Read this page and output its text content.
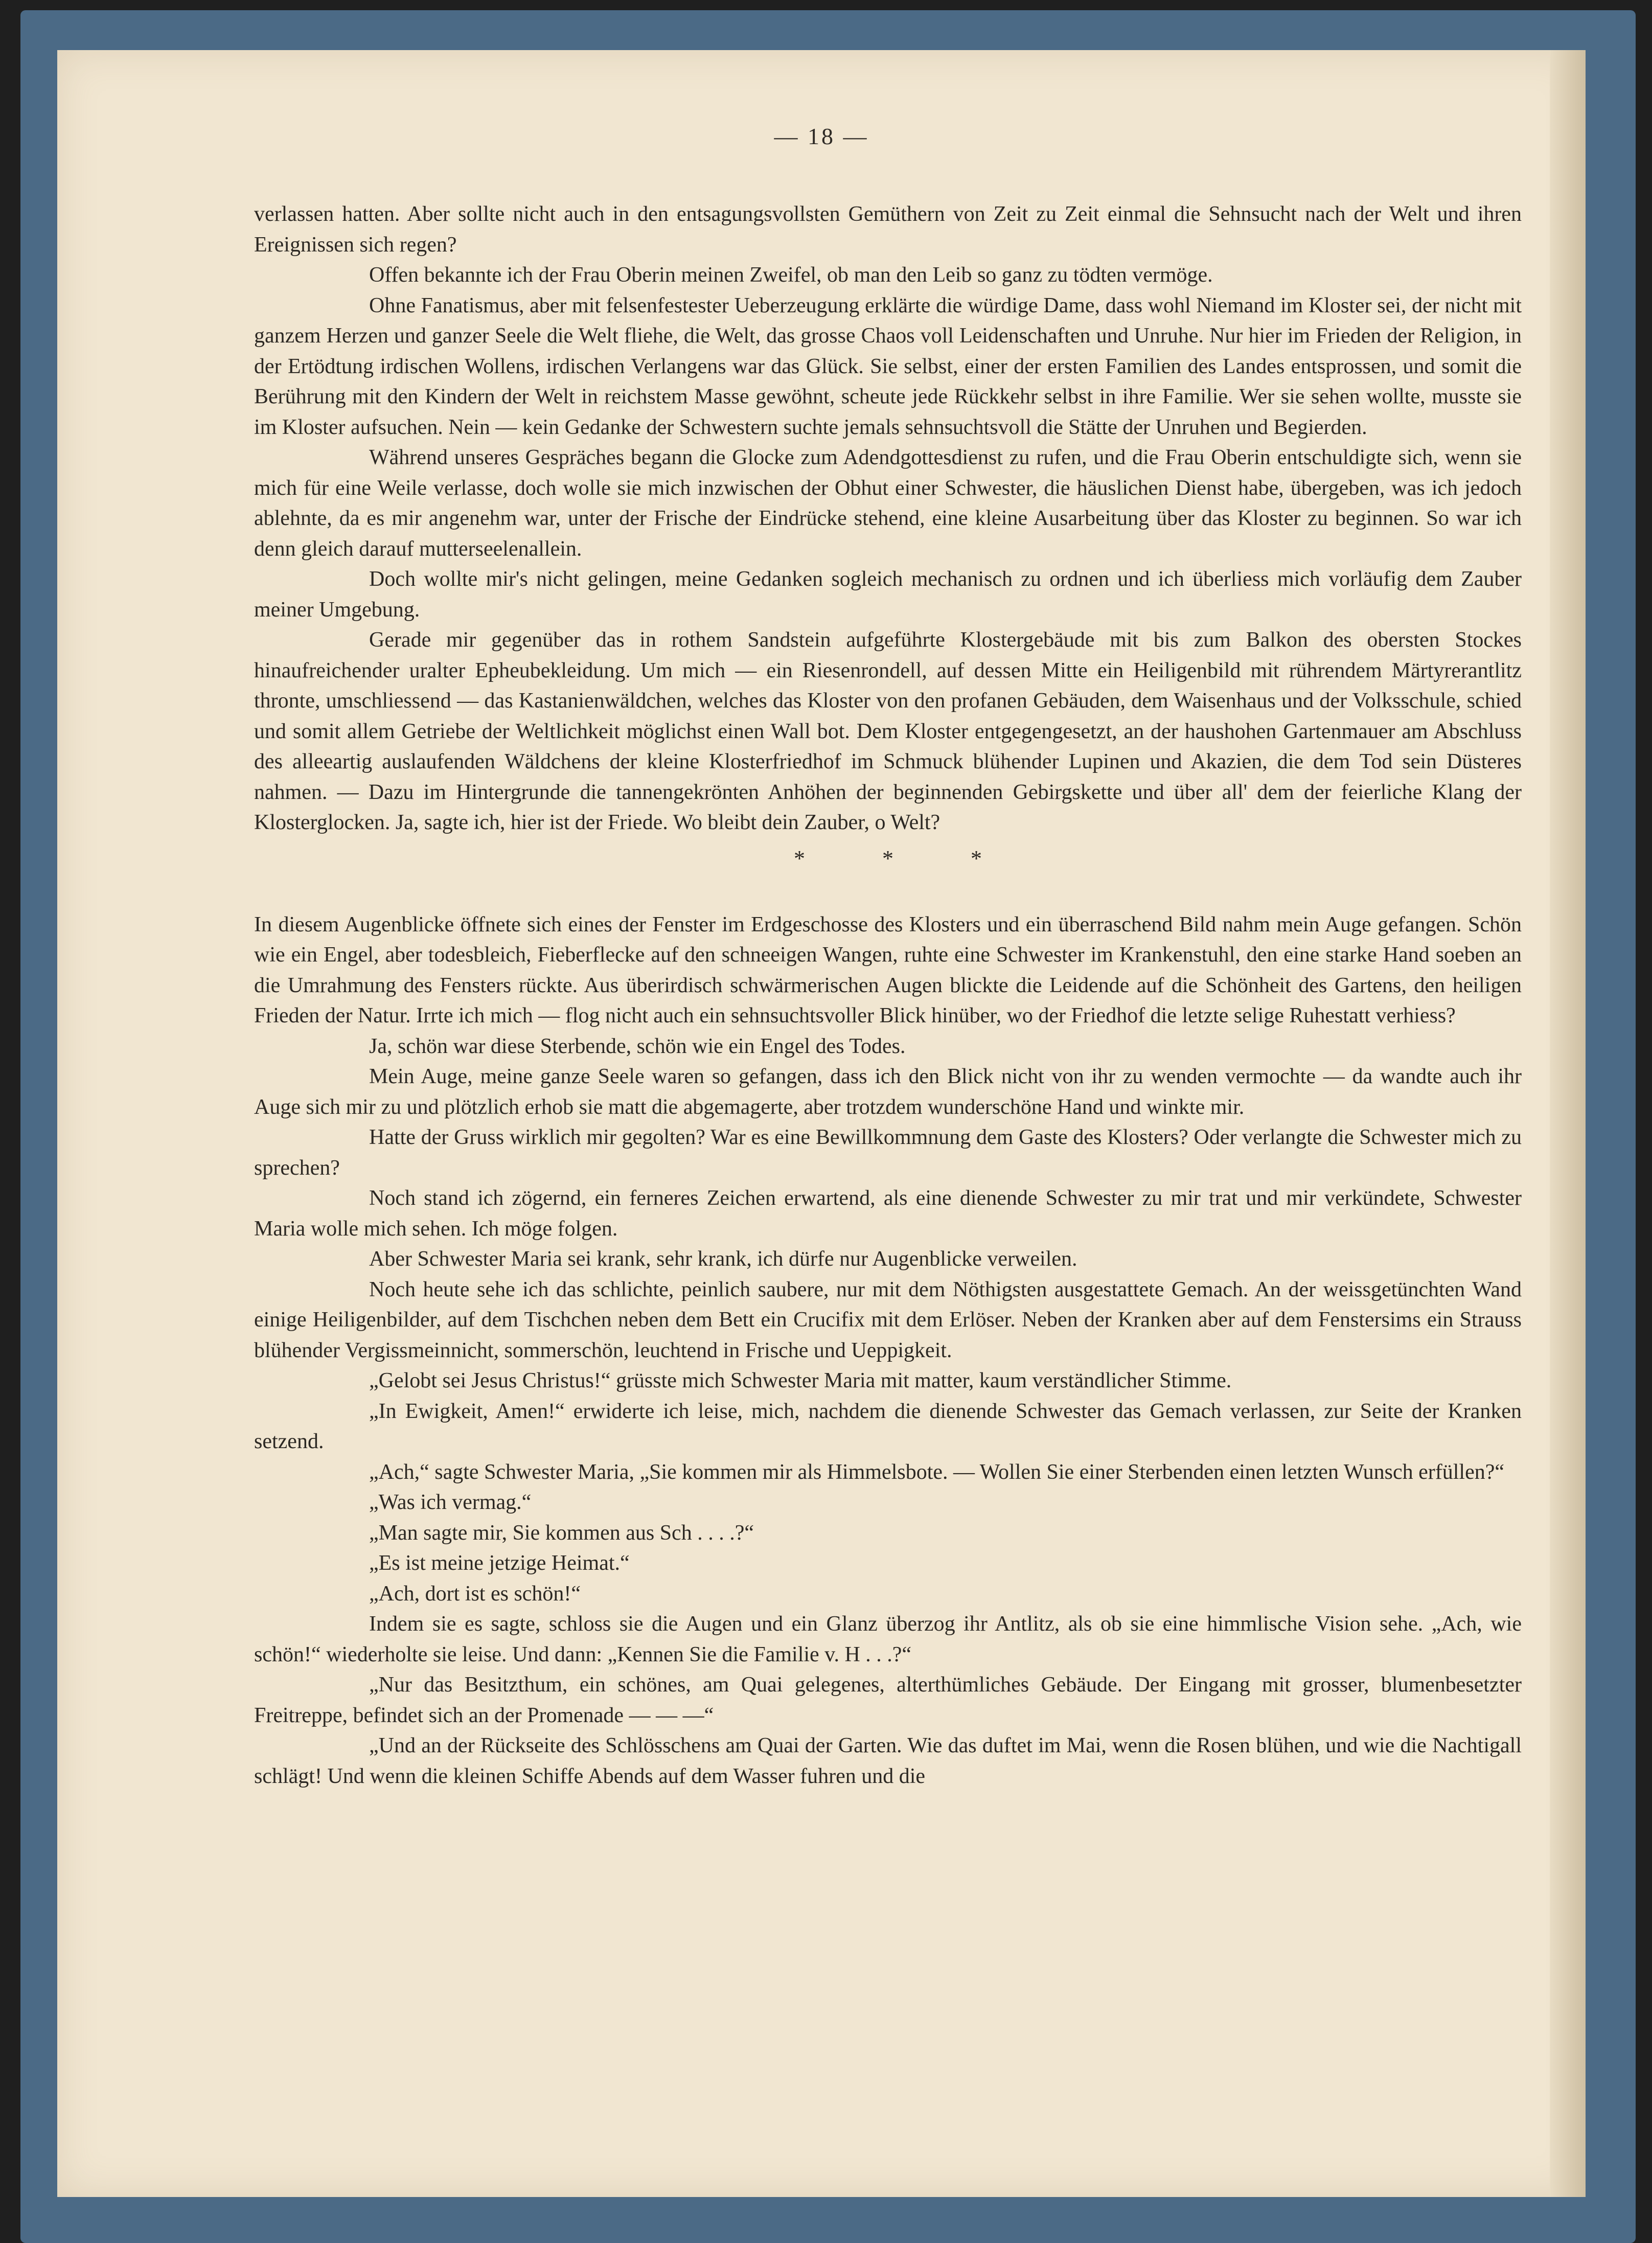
— 18 —

verlassen hatten. Aber sollte nicht auch in den entsagungsvollsten Gemüthern von Zeit zu Zeit einmal die Sehnsucht nach der Welt und ihren Ereignissen sich regen?

Offen bekannte ich der Frau Oberin meinen Zweifel, ob man den Leib so ganz zu tödten vermöge.

Ohne Fanatismus, aber mit felsenfestester Ueberzeugung erklärte die würdige Dame, dass wohl Niemand im Kloster sei, der nicht mit ganzem Herzen und ganzer Seele die Welt fliehe, die Welt, das grosse Chaos voll Leidenschaften und Unruhe. Nur hier im Frieden der Religion, in der Ertödtung irdischen Wollens, irdischen Verlangens war das Glück. Sie selbst, einer der ersten Familien des Landes entsprossen, und somit die Berührung mit den Kindern der Welt in reichstem Masse gewöhnt, scheute jede Rückkehr selbst in ihre Familie. Wer sie sehen wollte, musste sie im Kloster aufsuchen. Nein — kein Gedanke der Schwestern suchte jemals sehnsuchtsvoll die Stätte der Unruhen und Begierden.

Während unseres Gespräches begann die Glocke zum Adendgottesdienst zu rufen, und die Frau Oberin entschuldigte sich, wenn sie mich für eine Weile verlasse, doch wolle sie mich inzwischen der Obhut einer Schwester, die häuslichen Dienst habe, übergeben, was ich jedoch ablehnte, da es mir angenehm war, unter der Frische der Eindrücke stehend, eine kleine Ausarbeitung über das Kloster zu beginnen. So war ich denn gleich darauf mutterseelenallein.

Doch wollte mir's nicht gelingen, meine Gedanken sogleich mechanisch zu ordnen und ich überliess mich vorläufig dem Zauber meiner Umgebung.

Gerade mir gegenüber das in rothem Sandstein aufgeführte Klostergebäude mit bis zum Balkon des obersten Stockes hinaufreichender uralter Epheubekleidung. Um mich — ein Riesenrondell, auf dessen Mitte ein Heiligenbild mit rührendem Märtyrerantlitz thronte, umschliessend — das Kastanienwäldchen, welches das Kloster von den profanen Gebäuden, dem Waisenhaus und der Volksschule, schied und somit allem Getriebe der Weltlichkeit möglichst einen Wall bot. Dem Kloster entgegengesetzt, an der haushohen Gartenmauer am Abschluss des alleeartig auslaufenden Wäldchens der kleine Klosterfriedhof im Schmuck blühender Lupinen und Akazien, die dem Tod sein Düsteres nahmen. — Dazu im Hintergrunde die tannengekrönten Anhöhen der beginnenden Gebirgskette und über all' dem der feierliche Klang der Klosterglocken. Ja, sagte ich, hier ist der Friede. Wo bleibt dein Zauber, o Welt?

* * *

In diesem Augenblicke öffnete sich eines der Fenster im Erdgeschosse des Klosters und ein überraschend Bild nahm mein Auge gefangen. Schön wie ein Engel, aber todesbleich, Fieberflecke auf den schneeigen Wangen, ruhte eine Schwester im Krankenstuhl, den eine starke Hand soeben an die Umrahmung des Fensters rückte. Aus überirdisch schwärmerischen Augen blickte die Leidende auf die Schönheit des Gartens, den heiligen Frieden der Natur. Irrte ich mich — flog nicht auch ein sehnsuchtsvoller Blick hinüber, wo der Friedhof die letzte selige Ruhestatt verhiess?

Ja, schön war diese Sterbende, schön wie ein Engel des Todes.

Mein Auge, meine ganze Seele waren so gefangen, dass ich den Blick nicht von ihr zu wenden vermochte — da wandte auch ihr Auge sich mir zu und plötzlich erhob sie matt die abgemagerte, aber trotzdem wunderschöne Hand und winkte mir.

Hatte der Gruss wirklich mir gegolten? War es eine Bewillkommnung dem Gaste des Klosters? Oder verlangte die Schwester mich zu sprechen?

Noch stand ich zögernd, ein ferneres Zeichen erwartend, als eine dienende Schwester zu mir trat und mir verkündete, Schwester Maria wolle mich sehen. Ich möge folgen.

Aber Schwester Maria sei krank, sehr krank, ich dürfe nur Augenblicke verweilen.

Noch heute sehe ich das schlichte, peinlich saubere, nur mit dem Nöthigsten ausgestattete Gemach. An der weissgetünchten Wand einige Heiligenbilder, auf dem Tischchen neben dem Bett ein Crucifix mit dem Erlöser. Neben der Kranken aber auf dem Fenstersims ein Strauss blühender Vergissmeinnicht, sommerschön, leuchtend in Frische und Ueppigkeit.

„Gelobt sei Jesus Christus!“ grüsste mich Schwester Maria mit matter, kaum verständlicher Stimme.

„In Ewigkeit, Amen!“ erwiderte ich leise, mich, nachdem die dienende Schwester das Gemach verlassen, zur Seite der Kranken setzend.

„Ach,“ sagte Schwester Maria, „Sie kommen mir als Himmelsbote. — Wollen Sie einer Sterbenden einen letzten Wunsch erfüllen?“

„Was ich vermag.“

„Man sagte mir, Sie kommen aus Sch . . . .?“

„Es ist meine jetzige Heimat.“

„Ach, dort ist es schön!“

Indem sie es sagte, schloss sie die Augen und ein Glanz überzog ihr Antlitz, als ob sie eine himmlische Vision sehe. „Ach, wie schön!“ wiederholte sie leise. Und dann: „Kennen Sie die Familie v. H . . .?“

„Nur das Besitzthum, ein schönes, am Quai gelegenes, alterthümliches Gebäude. Der Eingang mit grosser, blumenbesetzter Freitreppe, befindet sich an der Promenade — — —“

„Und an der Rückseite des Schlösschens am Quai der Garten. Wie das duftet im Mai, wenn die Rosen blühen, und wie die Nachtigall schlägt! Und wenn die kleinen Schiffe Abends auf dem Wasser fuhren und die
